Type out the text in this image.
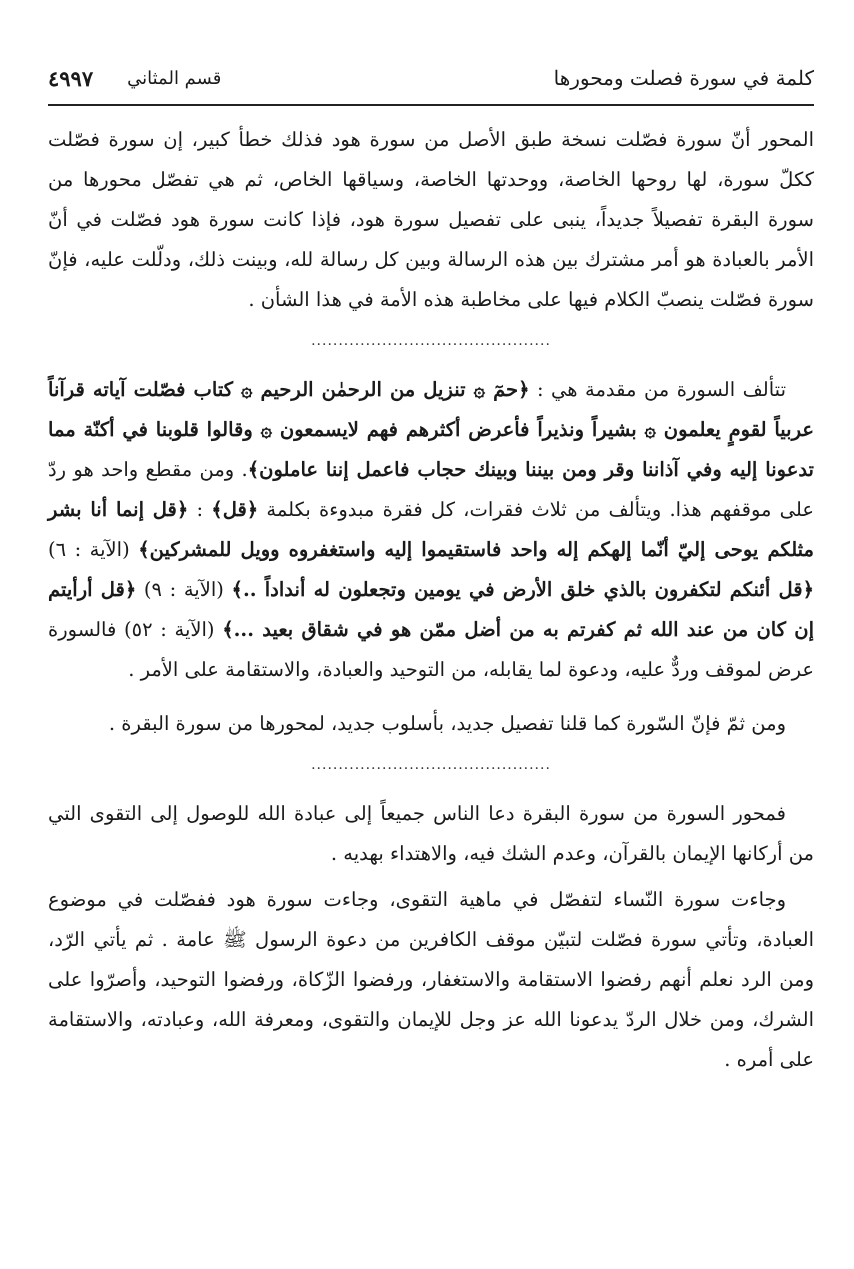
كلمة في سورة فصلت ومحورها
قسم المثاني
٤٩٩٧

المحور أنّ سورة فصّلت نسخة طبق الأصل من سورة هود فذلك خطأ كبير، إن سورة فصّلت ككلّ سورة، لها روحها الخاصة، ووحدتها الخاصة، وسياقها الخاص، ثم هي تفصّل محورها من سورة البقرة تفصيلاً جديداً، ينبى على تفصيل سورة هود، فإذا كانت سورة هود فصّلت في أنّ الأمر بالعبادة هو أمر مشترك بين هذه الرسالة وبين كل رسالة لله، وبينت ذلك، ودلّلت عليه، فإنّ سورة فصّلت ينصبّ الكلام فيها على مخاطبة هذه الأمة في هذا الشأن .

............................................

تتألف السورة من مقدمة هي : ﴿حمٓ ۞ تنزيل من الرحمٰن الرحيم ۞ كتاب فصّلت آياته قرآناً عربياً لقومٍ يعلمون ۞ بشيراً ونذيراً فأعرض أكثرهم فهم لايسمعون ۞ وقالوا قلوبنا في أكنّة مما تدعونا إليه وفي آذاننا وقر ومن بيننا وبينك حجاب فاعمل إننا عاملون﴾. ومن مقطع واحد هو ردّ على موقفهم هذا. ويتألف من ثلاث فقرات، كل فقرة مبدوءة بكلمة ﴿قل﴾ : ﴿قل إنما أنا بشر مثلكم يوحى إليّ أنّما إلهكم إله واحد فاستقيموا إليه واستغفروه وويل للمشركين﴾ (الآية : ٦) ﴿قل أئنكم لتكفرون بالذي خلق الأرض في يومين وتجعلون له أنداداً ..﴾ (الآية : ٩) ﴿قل أرأيتم إن كان من عند الله ثم كفرتم به من أضل ممّن هو في شقاق بعيد ...﴾ (الآية : ٥٢) فالسورة عرض لموقف وردٌّ عليه، ودعوة لما يقابله، من التوحيد والعبادة، والاستقامة على الأمر .

ومن ثمّ فإنّ السّورة كما قلنا تفصيل جديد، بأسلوب جديد، لمحورها من سورة البقرة .

............................................

فمحور السورة من سورة البقرة دعا الناس جميعاً إلى عبادة الله للوصول إلى التقوى التي من أركانها الإيمان بالقرآن، وعدم الشك فيه، والاهتداء بهديه .

وجاءت سورة النّساء لتفصّل في ماهية التقوى، وجاءت سورة هود ففصّلت في موضوع العبادة، وتأتي سورة فصّلت لتبيّن موقف الكافرين من دعوة الرسول ﷺ عامة . ثم يأتي الرّد، ومن الرد نعلم أنهم رفضوا الاستقامة والاستغفار، ورفضوا الزّكاة، ورفضوا التوحيد، وأصرّوا على الشرك، ومن خلال الردّ يدعونا الله عز وجل للإيمان والتقوى، ومعرفة الله، وعبادته، والاستقامة على أمره .
